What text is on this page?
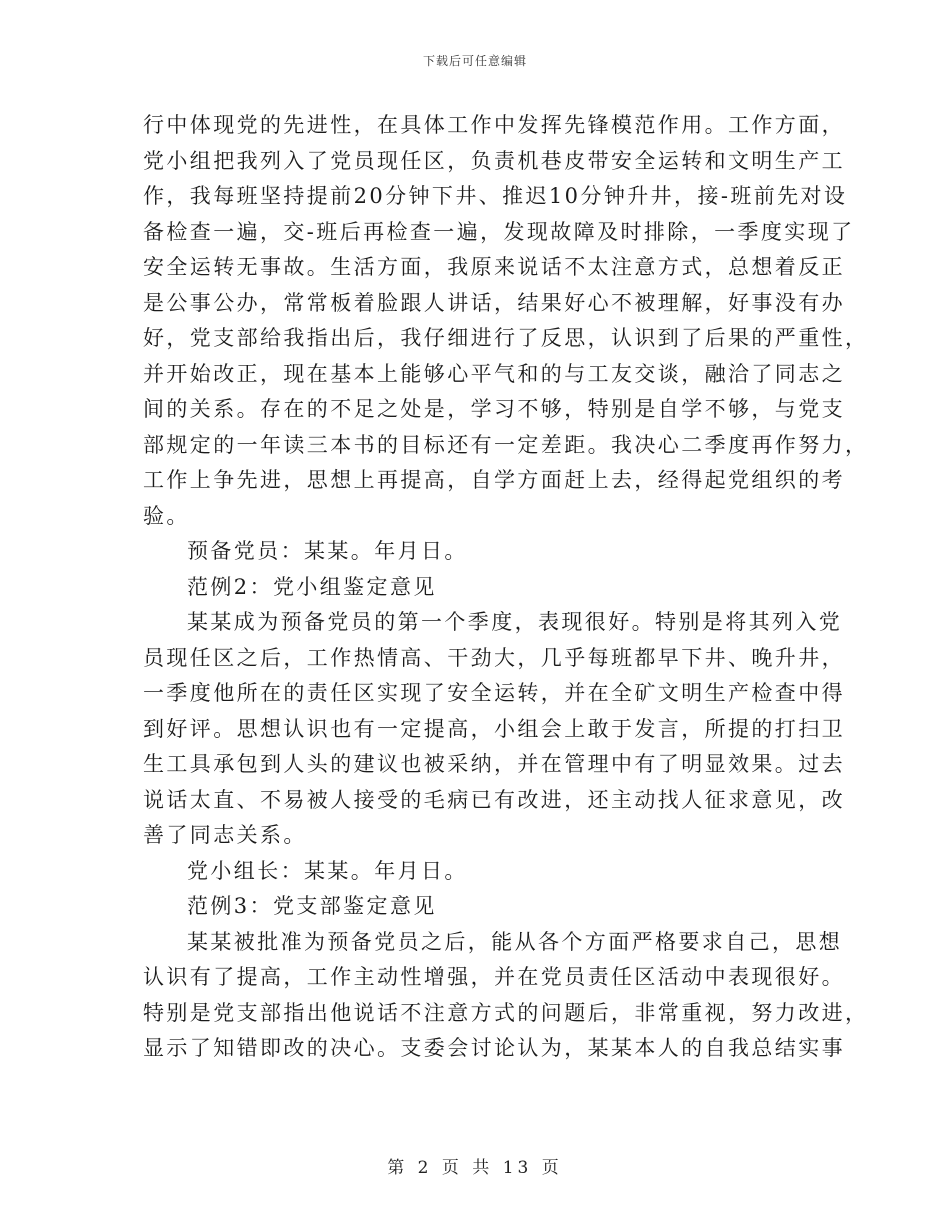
下载后可任意编辑
行中体现党的先进性，在具体工作中发挥先锋模范作用。工作方面，
党小组把我列入了党员现任区，负责机巷皮带安全运转和文明生产工
作，我每班坚持提前20分钟下井、推迟10分钟升井，接-班前先对设
备检查一遍，交-班后再检查一遍，发现故障及时排除，一季度实现了
安全运转无事故。生活方面，我原来说话不太注意方式，总想着反正
是公事公办，常常板着脸跟人讲话，结果好心不被理解，好事没有办
好，党支部给我指出后，我仔细进行了反思，认识到了后果的严重性，
并开始改正，现在基本上能够心平气和的与工友交谈，融洽了同志之
间的关系。存在的不足之处是，学习不够，特别是自学不够，与党支
部规定的一年读三本书的目标还有一定差距。我决心二季度再作努力，
工作上争先进，思想上再提高，自学方面赶上去，经得起党组织的考
验。
预备党员：某某。年月日。
范例2：党小组鉴定意见
某某成为预备党员的第一个季度，表现很好。特别是将其列入党
员现任区之后，工作热情高、干劲大，几乎每班都早下井、晚升井，
一季度他所在的责任区实现了安全运转，并在全矿文明生产检查中得
到好评。思想认识也有一定提高，小组会上敢于发言，所提的打扫卫
生工具承包到人头的建议也被采纳，并在管理中有了明显效果。过去
说话太直、不易被人接受的毛病已有改进，还主动找人征求意见，改
善了同志关系。
党小组长：某某。年月日。
范例3：党支部鉴定意见
某某被批准为预备党员之后，能从各个方面严格要求自己，思想
认识有了提高，工作主动性增强，并在党员责任区活动中表现很好。
特别是党支部指出他说话不注意方式的问题后，非常重视，努力改进，
显示了知错即改的决心。支委会讨论认为，某某本人的自我总结实事
第 2 页 共 13 页
